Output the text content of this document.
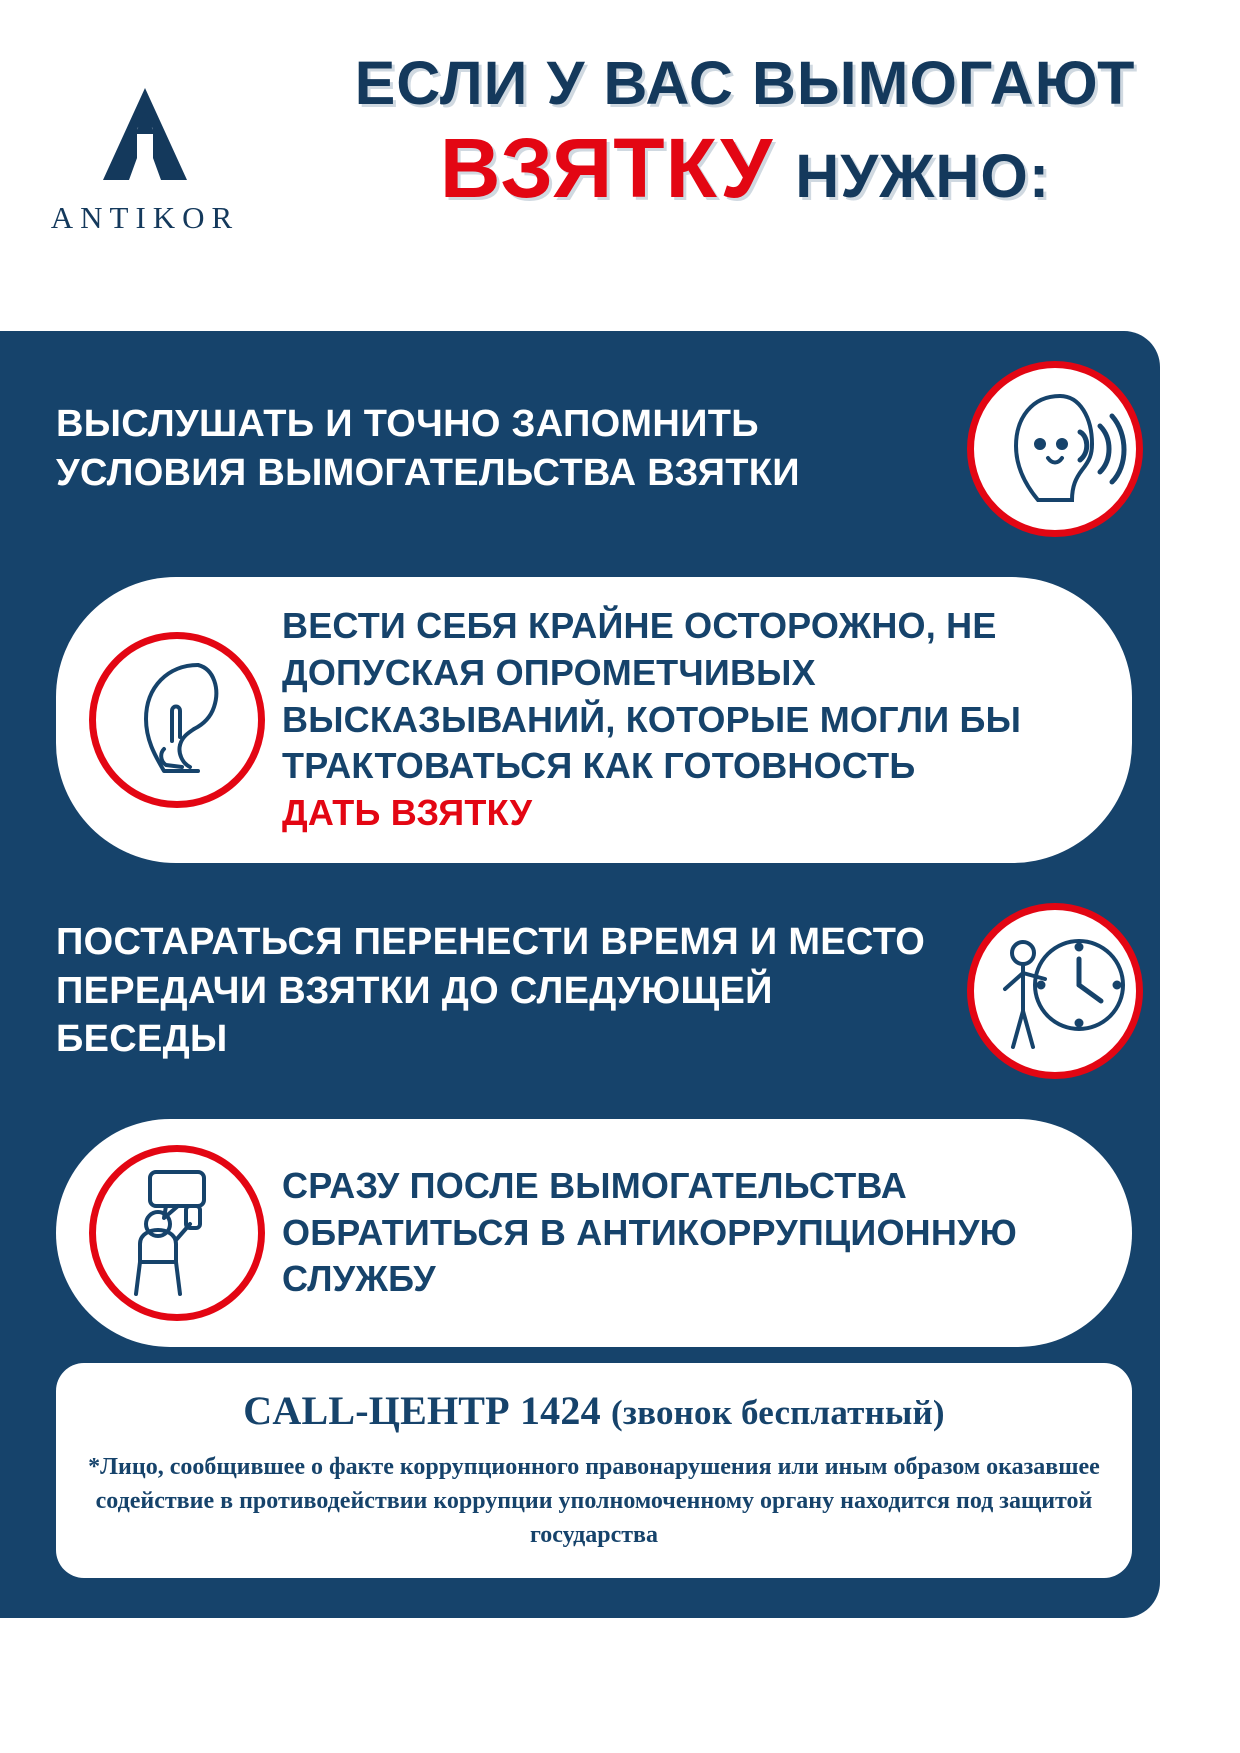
ANTIKOR
ЕСЛИ У ВАС ВЫМОГАЮТ
ВЗЯТКУ НУЖНО:
ВЫСЛУШАТЬ И ТОЧНО ЗАПОМНИТЬ УСЛОВИЯ ВЫМОГАТЕЛЬСТВА ВЗЯТКИ
ВЕСТИ СЕБЯ КРАЙНЕ ОСТОРОЖНО, НЕ ДОПУСКАЯ ОПРОМЕТЧИВЫХ ВЫСКАЗЫВАНИЙ, КОТОРЫЕ МОГЛИ БЫ ТРАКТОВАТЬСЯ КАК ГОТОВНОСТЬ
ДАТЬ ВЗЯТКУ
ПОСТАРАТЬСЯ ПЕРЕНЕСТИ ВРЕМЯ И МЕСТО ПЕРЕДАЧИ ВЗЯТКИ ДО СЛЕДУЮЩЕЙ БЕСЕДЫ
СРАЗУ ПОСЛЕ ВЫМОГАТЕЛЬСТВА ОБРАТИТЬСЯ В АНТИКОРРУПЦИОННУЮ СЛУЖБУ
CALL-ЦЕНТР 1424 (звонок бесплатный)
*Лицо, сообщившее о факте коррупционного правонарушения или иным образом оказавшее содействие в противодействии коррупции уполномоченному органу находится под защитой государства
